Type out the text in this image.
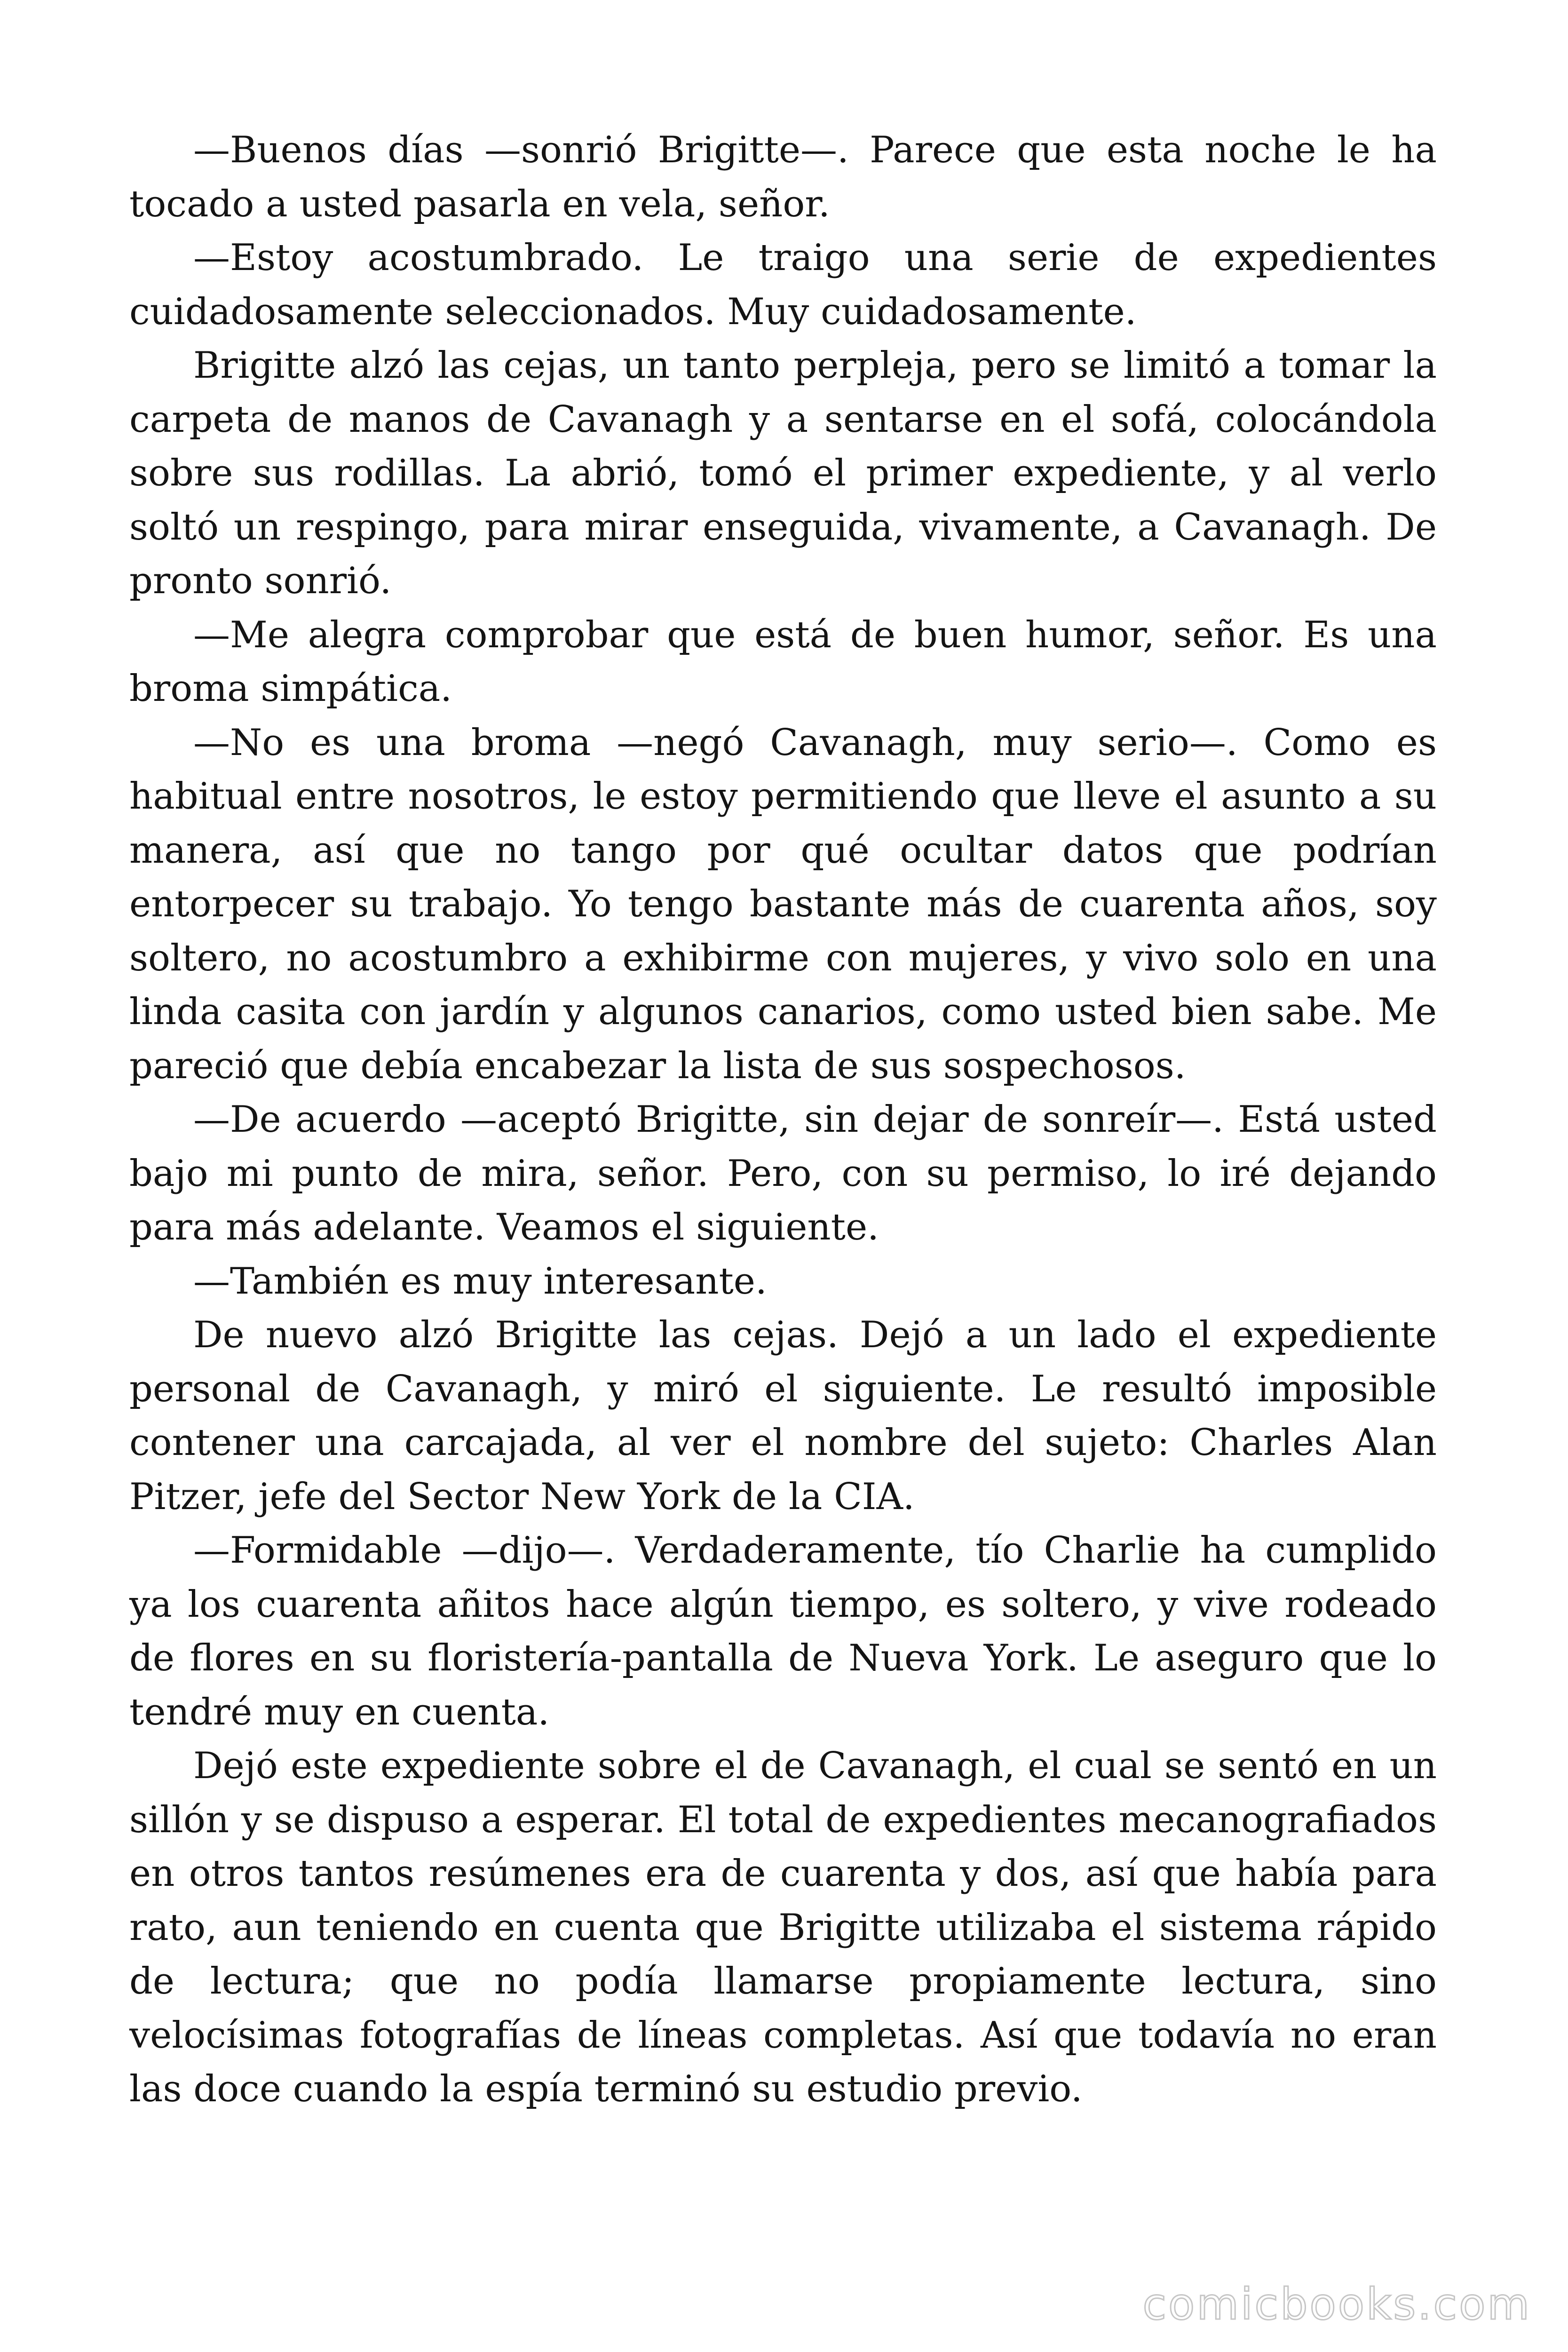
—Buenos días —sonrió Brigitte—. Parece que esta noche le ha tocado a usted pasarla en vela, señor.

—Estoy acostumbrado. Le traigo una serie de expedientes cuidadosamente seleccionados. Muy cuidadosamente.

Brigitte alzó las cejas, un tanto perpleja, pero se limitó a tomar la carpeta de manos de Cavanagh y a sentarse en el sofá, colocándola sobre sus rodillas. La abrió, tomó el primer expediente, y al verlo soltó un respingo, para mirar enseguida, vivamente, a Cavanagh. De pronto sonrió.

—Me alegra comprobar que está de buen humor, señor. Es una broma simpática.

—No es una broma —negó Cavanagh, muy serio—. Como es habitual entre nosotros, le estoy permitiendo que lleve el asunto a su manera, así que no tango por qué ocultar datos que podrían entorpecer su trabajo. Yo tengo bastante más de cuarenta años, soy soltero, no acostumbro a exhibirme con mujeres, y vivo solo en una linda casita con jardín y algunos canarios, como usted bien sabe. Me pareció que debía encabezar la lista de sus sospechosos.

—De acuerdo —aceptó Brigitte, sin dejar de sonreír—. Está usted bajo mi punto de mira, señor. Pero, con su permiso, lo iré dejando para más adelante. Veamos el siguiente.

—También es muy interesante.

De nuevo alzó Brigitte las cejas. Dejó a un lado el expediente personal de Cavanagh, y miró el siguiente. Le resultó imposible contener una carcajada, al ver el nombre del sujeto: Charles Alan Pitzer, jefe del Sector New York de la CIA.

—Formidable —dijo—. Verdaderamente, tío Charlie ha cumplido ya los cuarenta añitos hace algún tiempo, es soltero, y vive rodeado de flores en su floristería-pantalla de Nueva York. Le aseguro que lo tendré muy en cuenta.

Dejó este expediente sobre el de Cavanagh, el cual se sentó en un sillón y se dispuso a esperar. El total de expedientes mecanografiados en otros tantos resúmenes era de cuarenta y dos, así que había para rato, aun teniendo en cuenta que Brigitte utilizaba el sistema rápido de lectura; que no podía llamarse propiamente lectura, sino velocísimas fotografías de líneas completas. Así que todavía no eran las doce cuando la espía terminó su estudio previo.

comicbooks.com
